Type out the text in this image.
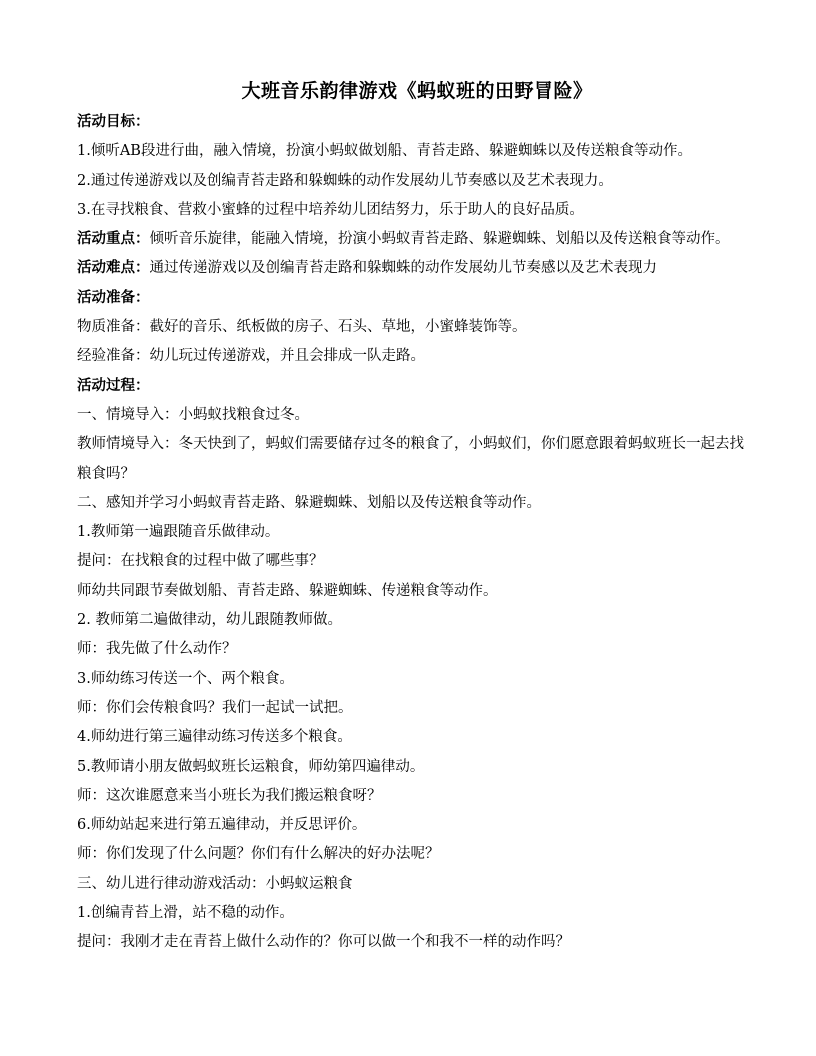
大班音乐韵律游戏《蚂蚁班的田野冒险》
活动目标：
1.倾听AB段进行曲，融入情境，扮演小蚂蚁做划船、青苔走路、躲避蜘蛛以及传送粮食等动作。
2.通过传递游戏以及创编青苔走路和躲蜘蛛的动作发展幼儿节奏感以及艺术表现力。
3.在寻找粮食、营救小蜜蜂的过程中培养幼儿团结努力，乐于助人的良好品质。
活动重点：倾听音乐旋律，能融入情境，扮演小蚂蚁青苔走路、躲避蜘蛛、划船以及传送粮食等动作。
活动难点：通过传递游戏以及创编青苔走路和躲蜘蛛的动作发展幼儿节奏感以及艺术表现力
活动准备：
物质准备：截好的音乐、纸板做的房子、石头、草地，小蜜蜂装饰等。
经验准备：幼儿玩过传递游戏，并且会排成一队走路。
活动过程：
一、情境导入：小蚂蚁找粮食过冬。
教师情境导入：冬天快到了，蚂蚁们需要储存过冬的粮食了，小蚂蚁们，你们愿意跟着蚂蚁班长一起去找粮食吗？
二、感知并学习小蚂蚁青苔走路、躲避蜘蛛、划船以及传送粮食等动作。
1.教师第一遍跟随音乐做律动。
提问：在找粮食的过程中做了哪些事？
师幼共同跟节奏做划船、青苔走路、躲避蜘蛛、传递粮食等动作。
2. 教师第二遍做律动，幼儿跟随教师做。
师：我先做了什么动作？
3.师幼练习传送一个、两个粮食。
师：你们会传粮食吗？我们一起试一试把。
4.师幼进行第三遍律动练习传送多个粮食。
5.教师请小朋友做蚂蚁班长运粮食，师幼第四遍律动。
师：这次谁愿意来当小班长为我们搬运粮食呀？
6.师幼站起来进行第五遍律动，并反思评价。
师：你们发现了什么问题？你们有什么解决的好办法呢？
三、幼儿进行律动游戏活动：小蚂蚁运粮食
1.创编青苔上滑，站不稳的动作。
提问：我刚才走在青苔上做什么动作的？你可以做一个和我不一样的动作吗？
